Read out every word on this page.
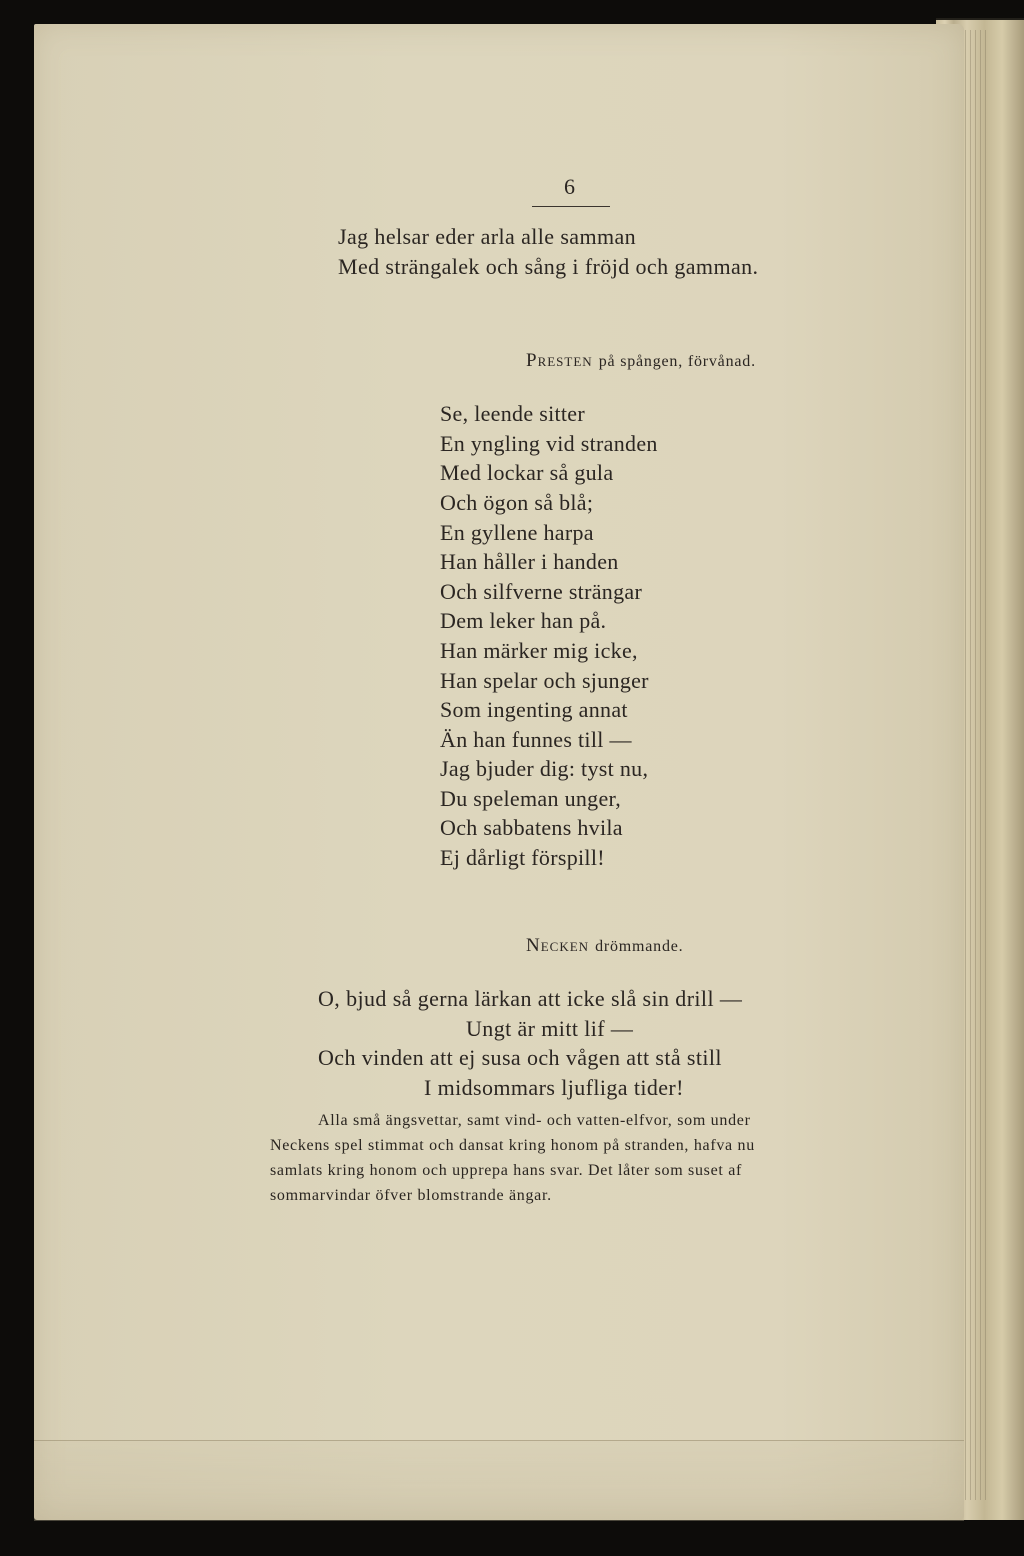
6

Jag helsar eder arla alle samman

Med strängalek och sång i fröjd och gamman.

Presten på spången, förvånad.

Se, leende sitter

En yngling vid stranden

Med lockar så gula

Och ögon så blå;

En gyllene harpa

Han håller i handen

Och silfverne strängar

Dem leker han på.

Han märker mig icke,

Han spelar och sjunger

Som ingenting annat

Än han funnes till —

Jag bjuder dig: tyst nu,

Du speleman unger,

Och sabbatens hvila

Ej dårligt förspill!

Necken drömmande.

O, bjud så gerna lärkan att icke slå sin drill —

Ungt är mitt lif —

Och vinden att ej susa och vågen att stå still

I midsommars ljufliga tider!

Alla små ängsvettar, samt vind- och vatten-elfvor, som under

Neckens spel stimmat och dansat kring honom på stranden, hafva nu

samlats kring honom och upprepa hans svar. Det låter som suset af

sommarvindar öfver blomstrande ängar.
